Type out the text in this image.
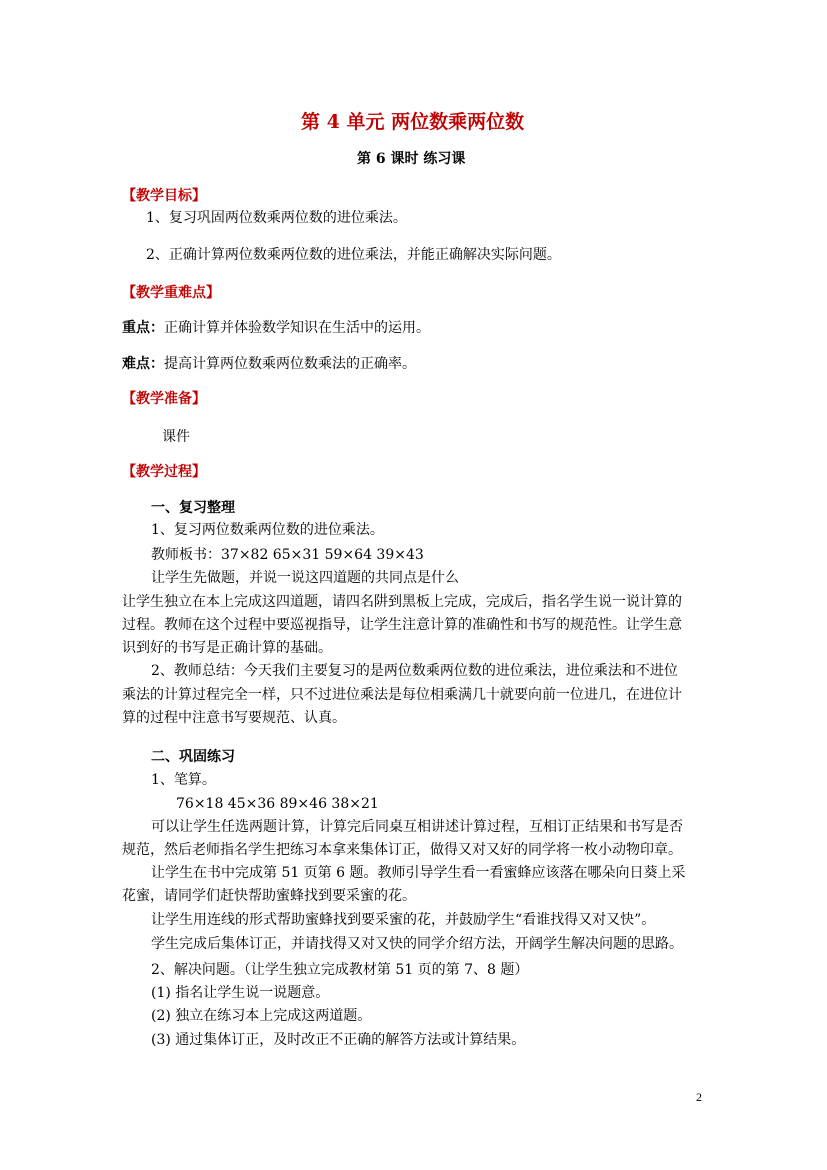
第 4 单元 两位数乘两位数
第 6 课时 练习课
【教学目标】
1、复习巩固两位数乘两位数的进位乘法。
2、正确计算两位数乘两位数的进位乘法，并能正确解决实际问题。
【教学重难点】
重点：正确计算并体验数学知识在生活中的运用。
难点：提高计算两位数乘两位数乘法的正确率。
【教学准备】
课件
【教学过程】
一、复习整理
1、复习两位数乘两位数的进位乘法。
教师板书：37×82 65×31 59×64 39×43
让学生先做题，并说一说这四道题的共同点是什么
让学生独立在本上完成这四道题，请四名阱到黑板上完成，完成后，指名学生说一说计算的
过程。教师在这个过程中要巡视指导，让学生注意计算的准确性和书写的规范性。让学生意
识到好的书写是正确计算的基础。
2、教师总结：今天我们主要复习的是两位数乘两位数的进位乘法，进位乘法和不进位
乘法的计算过程完全一样，只不过进位乘法是每位相乘满几十就要向前一位进几，在进位计
算的过程中注意书写要规范、认真。
二、巩固练习
1、笔算。
76×18 45×36 89×46 38×21
可以让学生任选两题计算，计算完后同桌互相讲述计算过程，互相订正结果和书写是否
规范，然后老师指名学生把练习本拿来集体订正，做得又对又好的同学将一枚小动物印章。
让学生在书中完成第 51 页第 6 题。教师引导学生看一看蜜蜂应该落在哪朵向日葵上采
花蜜，请同学们赶快帮助蜜蜂找到要采蜜的花。
让学生用连线的形式帮助蜜蜂找到要采蜜的花，并鼓励学生“看谁找得又对又快”。
学生完成后集体订正，并请找得又对又快的同学介绍方法，开阔学生解决问题的思路。
2、解决问题。（让学生独立完成教材第 51 页的第 7、8 题）
(1) 指名让学生说一说题意。
(2) 独立在练习本上完成这两道题。
(3) 通过集体订正，及时改正不正确的解答方法或计算结果。
2
